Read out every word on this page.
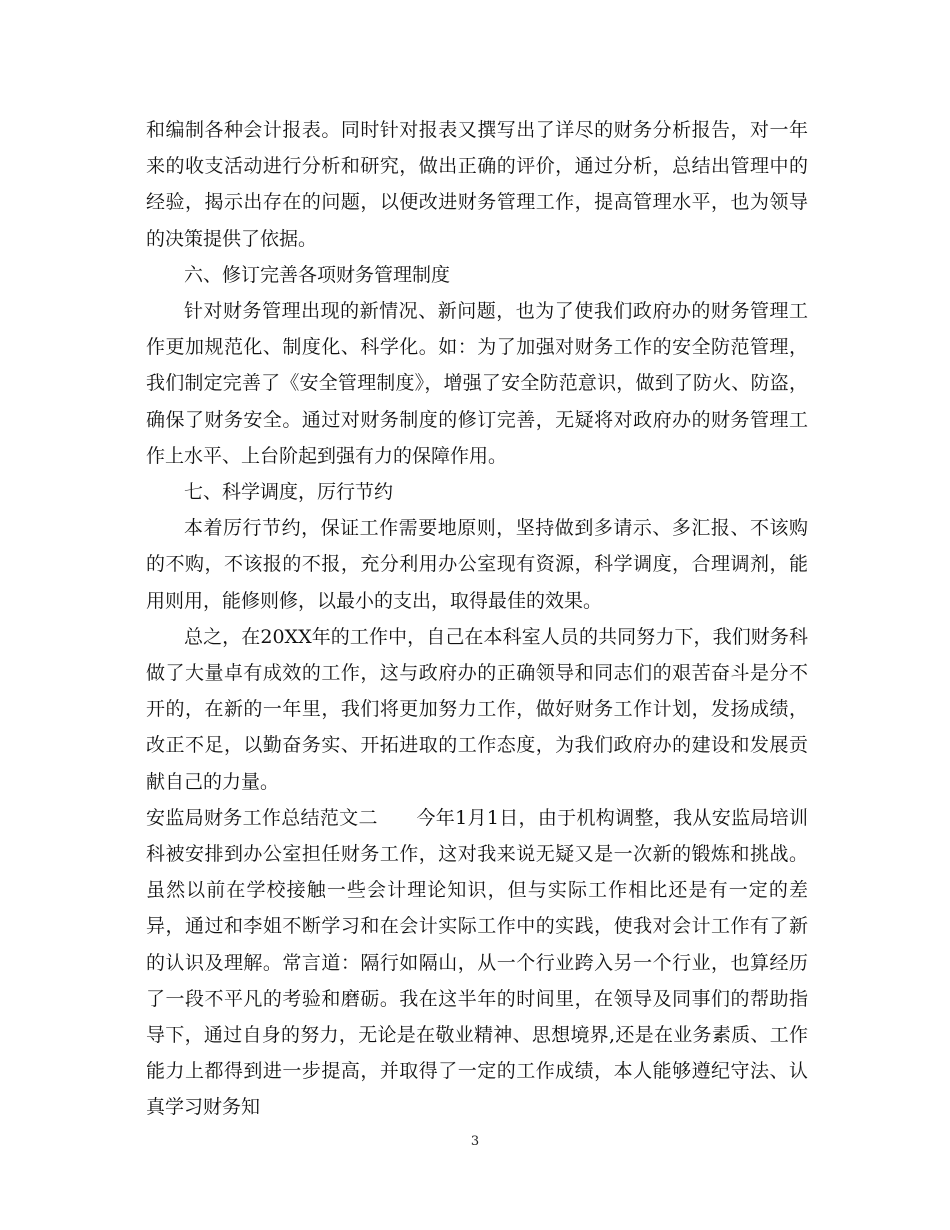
和编制各种会计报表。同时针对报表又撰写出了详尽的财务分析报告，对一年来的收支活动进行分析和研究，做出正确的评价，通过分析，总结出管理中的经验，揭示出存在的问题，以便改进财务管理工作，提高管理水平，也为领导的决策提供了依据。

六、修订完善各项财务管理制度

针对财务管理出现的新情况、新问题，也为了使我们政府办的财务管理工作更加规范化、制度化、科学化。如：为了加强对财务工作的安全防范管理，我们制定完善了《安全管理制度》，增强了安全防范意识，做到了防火、防盗，确保了财务安全。通过对财务制度的修订完善，无疑将对政府办的财务管理工作上水平、上台阶起到强有力的保障作用。

七、科学调度，厉行节约

本着厉行节约，保证工作需要地原则，坚持做到多请示、多汇报、不该购的不购，不该报的不报，充分利用办公室现有资源，科学调度，合理调剂，能用则用，能修则修，以最小的支出，取得最佳的效果。

总之，在20XX年的工作中，自己在本科室人员的共同努力下，我们财务科做了大量卓有成效的工作，这与政府办的正确领导和同志们的艰苦奋斗是分不开的，在新的一年里，我们将更加努力工作，做好财务工作计划，发扬成绩，改正不足，以勤奋务实、开拓进取的工作态度，为我们政府办的建设和发展贡献自己的力量。

安监局财务工作总结范文二　　今年1月1日，由于机构调整，我从安监局培训科被安排到办公室担任财务工作，这对我来说无疑又是一次新的锻炼和挑战。虽然以前在学校接触一些会计理论知识，但与实际工作相比还是有一定的差异，通过和李姐不断学习和在会计实际工作中的实践，使我对会计工作有了新的认识及理解。常言道：隔行如隔山，从一个行业跨入另一个行业，也算经历了一段不平凡的考验和磨砺。我在这半年的时间里，在领导及同事们的帮助指导下，通过自身的努力，无论是在敬业精神、思想境界,还是在业务素质、工作能力上都得到进一步提高，并取得了一定的工作成绩，本人能够遵纪守法、认真学习财务知

3
